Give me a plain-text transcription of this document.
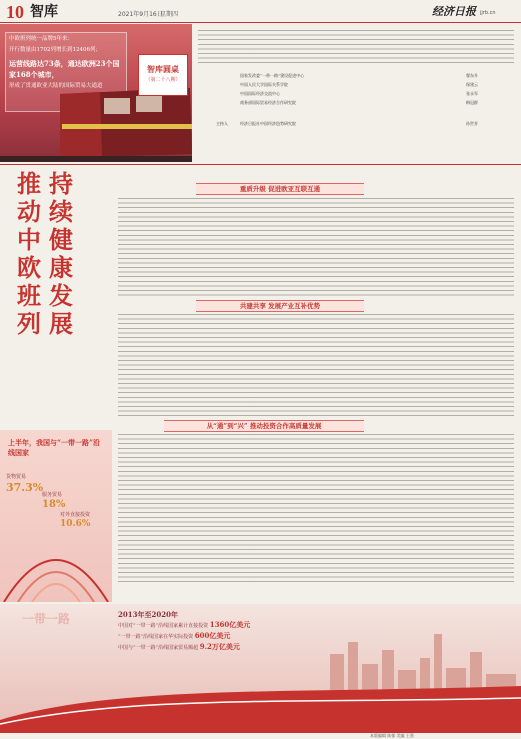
10 智库	2021年9月16日
星期四	经济日报 jjrb.cn
中欧班列统一品牌5年来：
开行数量由1702列增长到12406列；
运营线路达73条，通达欧洲23个国家168个城市，
形成了贯通欧亚大陆的国际贸易大通道
智库圆桌
（第二十八期）
国家发改委“一带一路”建设促进中心	翟东升
中国人民大学国际关系学院	保建云
中国国际经济交流中心	张永军
商务部国际贸易经济合作研究院	梅冠群
主持人	经济日报社中国经济趋势研究院	孙世芳
推
动
中
欧
班
列
持
续
健
康
发
展
重质升级 促进欧亚互联互通
共建共享 发展产业互补优势
从“通”到“兴” 推动投资合作高质量发展
上半年，我国与“一带一路”沿线国家
货物贸易
37.3%
服务贸易
18%
对外直接投资
10.6%
一带一路	2013年至2020年
中国对“一带一路”沿线国家累计直接投资 1360亿美元
“一带一路”沿线国家在华实际投资 600亿美元
中国与“一带一路”沿线国家贸易额超 9.2万亿美元
本版编辑 陈郁 美编 王墨
